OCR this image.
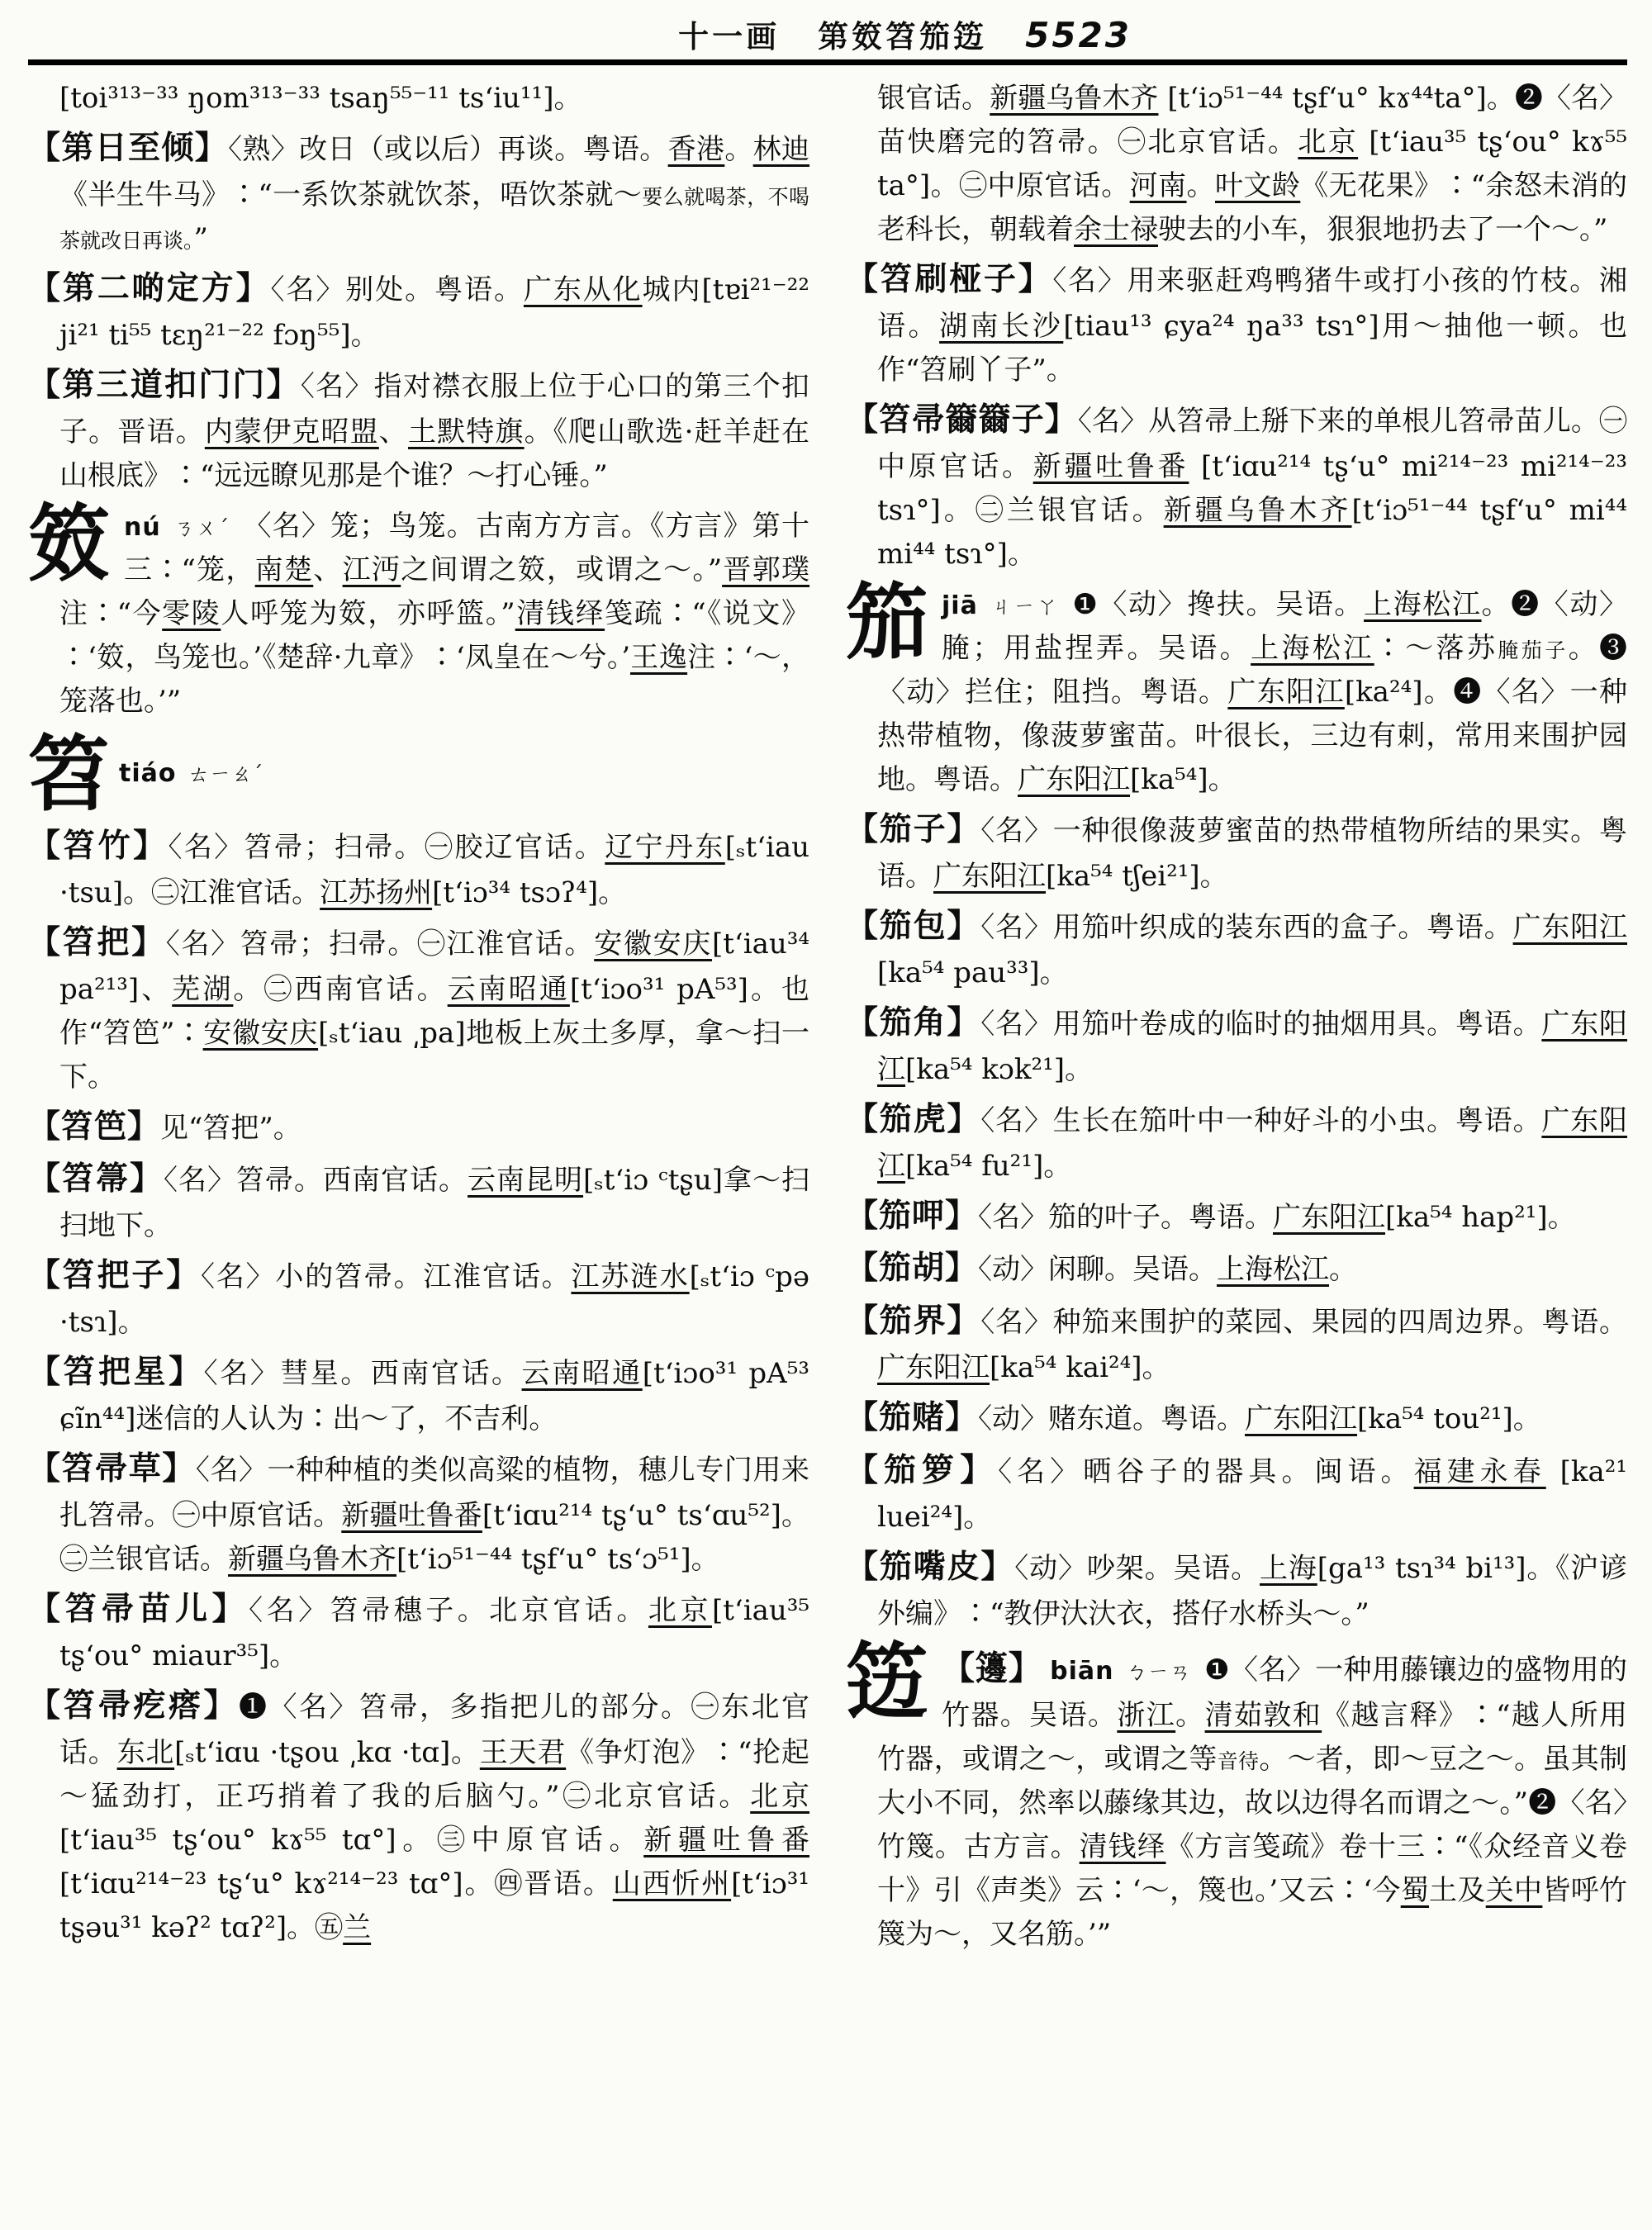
十一画 第笯笤笳笾 5523
[toi³¹³⁻³³ ŋom³¹³⁻³³ tsaŋ⁵⁵⁻¹¹ ts‘iu¹¹]。
【第日至倾】〈熟〉改日（或以后）再谈。粤语。香港。林迪《半生牛马》∶“一系饮茶就饮茶，唔饮茶就～要么就喝茶，不喝茶就改日再谈。”
【第二啲定方】〈名〉别处。粤语。广东从化城内[tɐi²¹⁻²² ji²¹ ti⁵⁵ tɛŋ²¹⁻²² fɔŋ⁵⁵]。
【第三道扣门门】〈名〉指对襟衣服上位于心口的第三个扣子。晋语。内蒙伊克昭盟、土默特旗。《爬山歌选·赶羊赶在山根底》∶“远远瞭见那是个谁？～打心锤。”
笯nú ㄋㄨˊ 〈名〉笼；鸟笼。古南方方言。《方言》第十三∶“笼，南楚、江沔之间谓之笯，或谓之～。”晋郭璞注∶“今零陵人呼笼为笯，亦呼篮。”清钱绎笺疏∶“《说文》∶‘笯，鸟笼也。’《楚辞·九章》∶‘凤皇在～兮。’王逸注∶‘～，笼落也。’”
笤tiáo ㄊㄧㄠˊ
【笤竹】〈名〉笤帚；扫帚。㊀胶辽官话。辽宁丹东[ₛt‘iau ·tsu]。㊁江淮官话。江苏扬州[t‘iɔ³⁴ tsɔʔ⁴]。
【笤把】〈名〉笤帚；扫帚。㊀江淮官话。安徽安庆[t‘iau³⁴ pa²¹³]、芜湖。㊁西南官话。云南昭通[t‘iɔo³¹ pA⁵³]。也作“笤笆”∶安徽安庆[ₛt‘iau ͵pa]地板上灰土多厚，拿～扫一下。
【笤笆】见“笤把”。
【笤箒】〈名〉笤帚。西南官话。云南昆明[ₛt‘iɔ ᶜtʂu]拿～扫扫地下。
【笤把子】〈名〉小的笤帚。江淮官话。江苏涟水[ₛt‘iɔ ᶜpə ·tsɿ]。
【笤把星】〈名〉彗星。西南官话。云南昭通[t‘iɔo³¹ pA⁵³ ɕĩn⁴⁴]迷信的人认为∶出～了，不吉利。
【笤帚草】〈名〉一种种植的类似高粱的植物，穗儿专门用来扎笤帚。㊀中原官话。新疆吐鲁番[t‘iɑu²¹⁴ tʂ‘u° ts‘ɑu⁵²]。㊁兰银官话。新疆乌鲁木齐[t‘iɔ⁵¹⁻⁴⁴ tʂf‘u° ts‘ɔ⁵¹]。
【笤帚苗儿】〈名〉笤帚穗子。北京官话。北京[t‘iau³⁵ tʂ‘ou° miaur³⁵]。
【笤帚疙瘩】❶〈名〉笤帚，多指把儿的部分。㊀东北官话。东北[ₛt‘iɑu ·tʂou ͵kɑ ·tɑ]。王天君《争灯泡》∶“抡起～猛劲打，正巧捎着了我的后脑勺。”㊁北京官话。北京[t‘iau³⁵ tʂ‘ou° kɤ⁵⁵ tɑ°]。㊂中原官话。新疆吐鲁番[t‘iɑu²¹⁴⁻²³ tʂ‘u° kɤ²¹⁴⁻²³ tɑ°]。㊃晋语。山西忻州[t‘iɔ³¹ tʂəu³¹ kəʔ² tɑʔ²]。㊄兰
银官话。新疆乌鲁木齐 [t‘iɔ⁵¹⁻⁴⁴ tʂf‘u° kɤ⁴⁴ta°]。❷〈名〉苗快磨完的笤帚。㊀北京官话。北京 [t‘iau³⁵ tʂ‘ou° kɤ⁵⁵ ta°]。㊁中原官话。河南。叶文龄《无花果》∶“余怒未消的老科长，朝载着余士禄驶去的小车，狠狠地扔去了一个～。”
【笤刷桠子】〈名〉用来驱赶鸡鸭猪牛或打小孩的竹枝。湘语。湖南长沙[tiau¹³ ɕya²⁴ ŋa³³ tsɿ°]用～抽他一顿。也作“笤刷丫子”。
【笤帚籋籋子】〈名〉从笤帚上掰下来的单根儿笤帚苗儿。㊀中原官话。新疆吐鲁番 [t‘iɑu²¹⁴ tʂ‘u° mi²¹⁴⁻²³ mi²¹⁴⁻²³ tsɿ°]。㊁兰银官话。新疆乌鲁木齐[t‘iɔ⁵¹⁻⁴⁴ tʂf‘u° mi⁴⁴ mi⁴⁴ tsɿ°]。
笳jiā ㄐㄧㄚ ❶〈动〉搀扶。吴语。上海松江。❷〈动〉腌；用盐捏弄。吴语。上海松江∶～落苏腌茄子。❸〈动〉拦住；阻挡。粤语。广东阳江[ka²⁴]。❹〈名〉一种热带植物，像菠萝蜜苗。叶很长，三边有刺，常用来围护园地。粤语。广东阳江[ka⁵⁴]。
【笳子】〈名〉一种很像菠萝蜜苗的热带植物所结的果实。粤语。广东阳江[ka⁵⁴ tʃei²¹]。
【笳包】〈名〉用笳叶织成的装东西的盒子。粤语。广东阳江[ka⁵⁴ pau³³]。
【笳角】〈名〉用笳叶卷成的临时的抽烟用具。粤语。广东阳江[ka⁵⁴ kɔk²¹]。
【笳虎】〈名〉生长在笳叶中一种好斗的小虫。粤语。广东阳江[ka⁵⁴ fu²¹]。
【笳呷】〈名〉笳的叶子。粤语。广东阳江[ka⁵⁴ hap²¹]。
【笳胡】〈动〉闲聊。吴语。上海松江。
【笳界】〈名〉种笳来围护的菜园、果园的四周边界。粤语。广东阳江[ka⁵⁴ kai²⁴]。
【笳赌】〈动〉赌东道。粤语。广东阳江[ka⁵⁴ tou²¹]。
【笳箩】〈名〉晒谷子的器具。闽语。福建永春 [ka²¹ luei²⁴]。
【笳嘴皮】〈动〉吵架。吴语。上海[ga¹³ tsɿ³⁴ bi¹³]。《沪谚外编》∶“教伊汏汏衣，搭仔水桥头～。”
笾 【籩】 biān ㄅㄧㄢ ❶〈名〉一种用藤镶边的盛物用的竹器。吴语。浙江。清茹敦和《越言释》∶“越人所用竹器，或谓之～，或谓之等音待。～者，即～豆之～。虽其制大小不同，然率以藤缘其边，故以边得名而谓之～。”❷〈名〉竹篾。古方言。清钱绎《方言笺疏》卷十三∶“《众经音义卷十》引《声类》云∶‘～，篾也。’又云∶‘今蜀土及关中皆呼竹篾为～，又名筋。’”
